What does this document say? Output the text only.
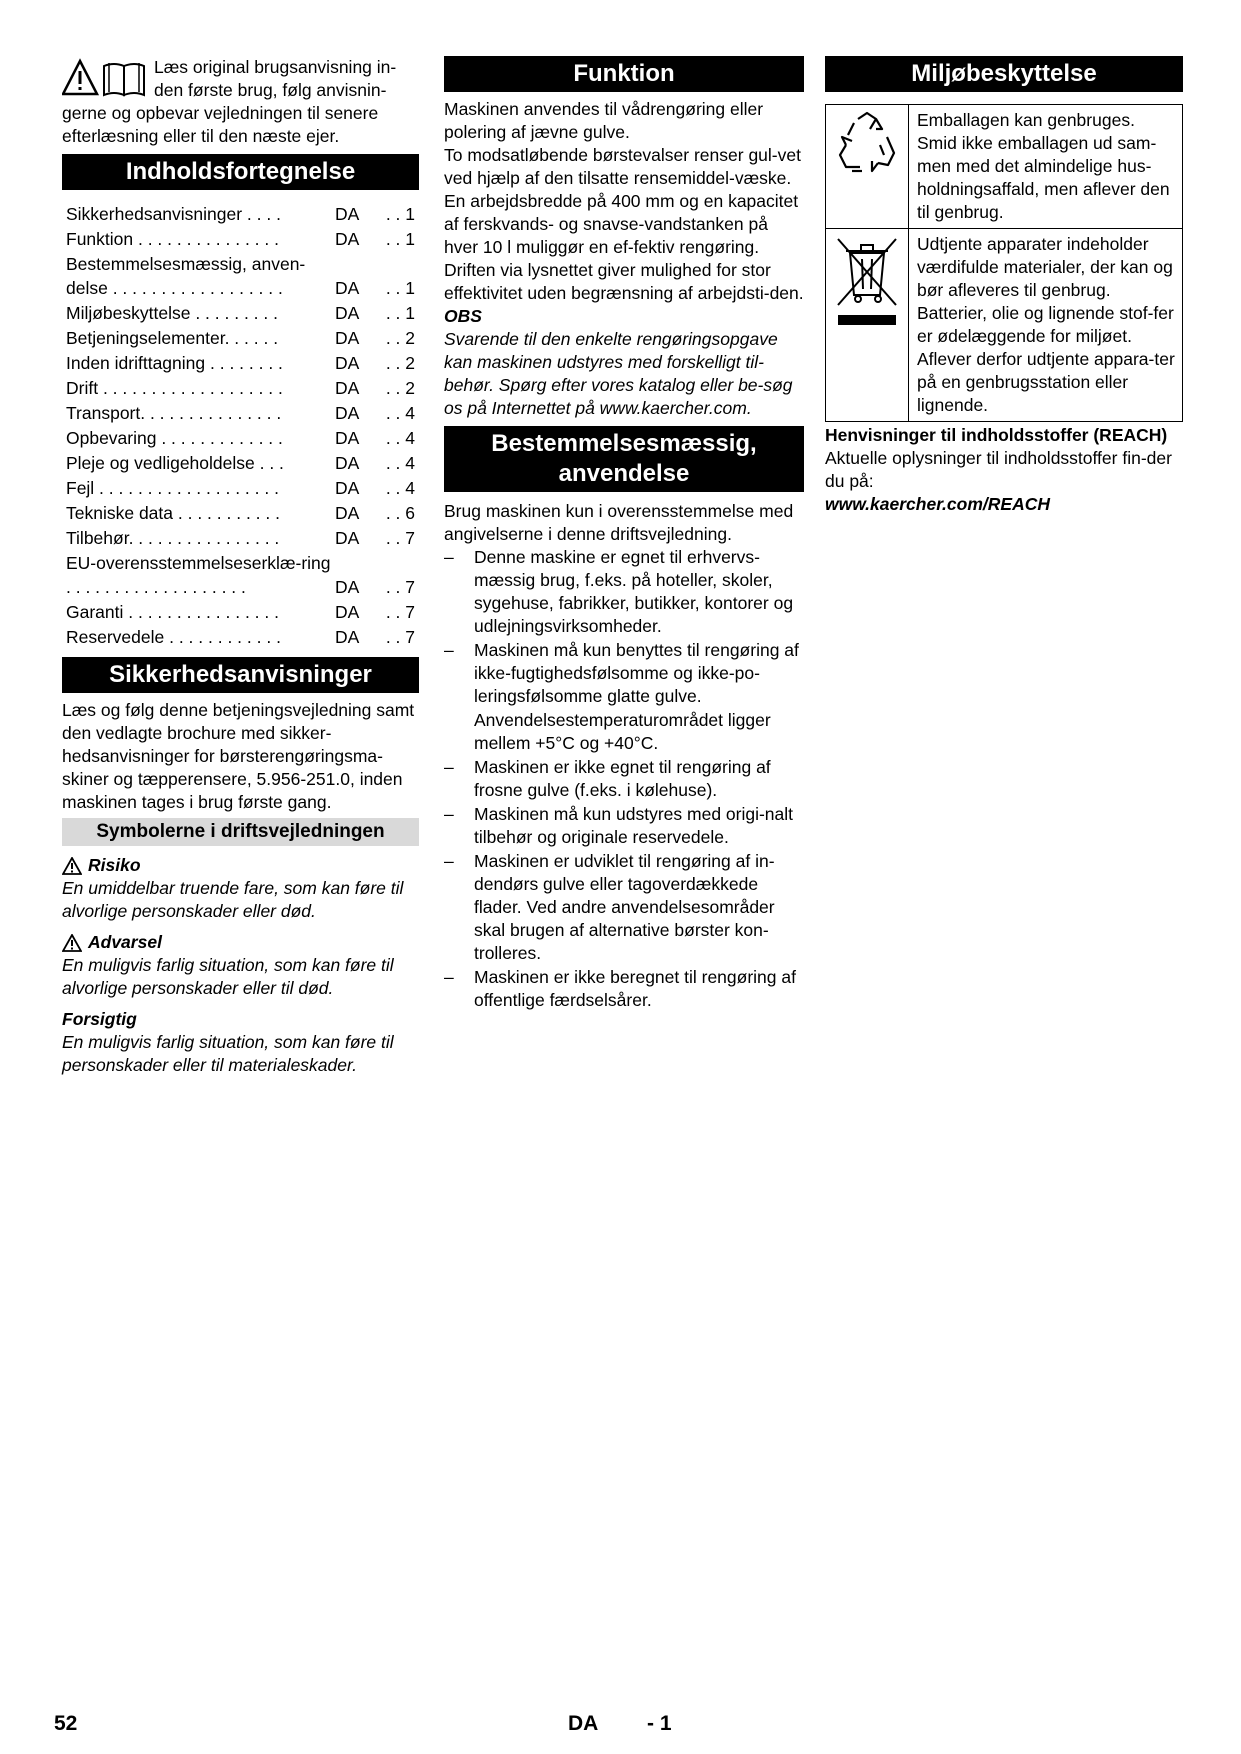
Læs original brugsanvisning in-den første brug, følg anvisnin-gerne og opbevar vejledningen til senere efterlæsning eller til den næste ejer.

Indholdsfortegnelse
Sikkerhedsanvisninger . . . .	DA	. . 1
Funktion . . . . . . . . . . . . . . .	DA	. . 1
Bestemmelsesmæssig, anven-delse . . . . . . . . . . . . . . . . . .	DA	. . 1
Miljøbeskyttelse . . . . . . . . .	DA	. . 1
Betjeningselementer. . . . . .	DA	. . 2
Inden idrifttagning . . . . . . . .	DA	. . 2
Drift . . . . . . . . . . . . . . . . . . .	DA	. . 2
Transport. . . . . . . . . . . . . . .	DA	. . 4
Opbevaring . . . . . . . . . . . . .	DA	. . 4
Pleje og vedligeholdelse . . .	DA	. . 4
Fejl . . . . . . . . . . . . . . . . . . .	DA	. . 4
Tekniske data . . . . . . . . . . .	DA	. . 6
Tilbehør. . . . . . . . . . . . . . . .	DA	. . 7
EU-overensstemmelseserklæ-ring . . . . . . . . . . . . . . . . . . .	DA	. . 7
Garanti . . . . . . . . . . . . . . . .	DA	. . 7
Reservedele . . . . . . . . . . . .	DA	. . 7
Sikkerhedsanvisninger

Læs og følg denne betjeningsvejledning samt den vedlagte brochure med sikker-hedsanvisninger for børsterengøringsma-skiner og tæpperensere, 5.956-251.0, inden maskinen tages i brug første gang.

Symbolerne i driftsvejledningen
Risiko

En umiddelbar truende fare, som kan føre til alvorlige personskader eller død.

Advarsel

En muligvis farlig situation, som kan føre til alvorlige personskader eller til død.

Forsigtig

En muligvis farlig situation, som kan føre til personskader eller til materialeskader.

Funktion

Maskinen anvendes til vådrengøring eller polering af jævne gulve.

To modsatløbende børstevalser renser gul-vet ved hjælp af den tilsatte rensemiddel-væske. En arbejdsbredde på 400 mm og en kapacitet af ferskvands- og snavse-vandstanken på hver 10 l muliggør en ef-fektiv rengøring.

Driften via lysnettet giver mulighed for stor effektivitet uden begrænsning af arbejdsti-den.

OBS

Svarende til den enkelte rengøringsopgave kan maskinen udstyres med forskelligt til-behør. Spørg efter vores katalog eller be-søg os på Internettet på www.kaercher.com.

Bestemmelsesmæssig, anvendelse

Brug maskinen kun i overensstemmelse med angivelserne i denne driftsvejledning.

– Denne maskine er egnet til erhvervs-mæssig brug, f.eks. på hoteller, skoler, sygehuse, fabrikker, butikker, kontorer og udlejningsvirksomheder.
– Maskinen må kun benyttes til rengøring af ikke-fugtighedsfølsomme og ikke-po-leringsfølsomme glatte gulve.

Anvendelsestemperaturområdet ligger mellem +5°C og +40°C.
– Maskinen er ikke egnet til rengøring af frosne gulve (f.eks. i kølehuse).
– Maskinen må kun udstyres med origi-nalt tilbehør og originale reservedele.
– Maskinen er udviklet til rengøring af in-dendørs gulve eller tagoverdækkede flader. Ved andre anvendelsesområder skal brugen af alternative børster kon-trolleres.
– Maskinen er ikke beregnet til rengøring af offentlige færdselsårer.
Miljøbeskyttelse
	Emballagen kan genbruges. Smid ikke emballagen ud sam-men med det almindelige hus-holdningsaffald, men aflever den til genbrug.
	Udtjente apparater indeholder værdifulde materialer, der kan og bør afleveres til genbrug. Batterier, olie og lignende stof-fer er ødelæggende for miljøet. Aflever derfor udtjente appara-ter på en genbrugsstation eller lignende.

Henvisninger til indholdsstoffer (REACH)

Aktuelle oplysninger til indholdsstoffer fin-der du på:

www.kaercher.com/REACH

52	DA - 1
